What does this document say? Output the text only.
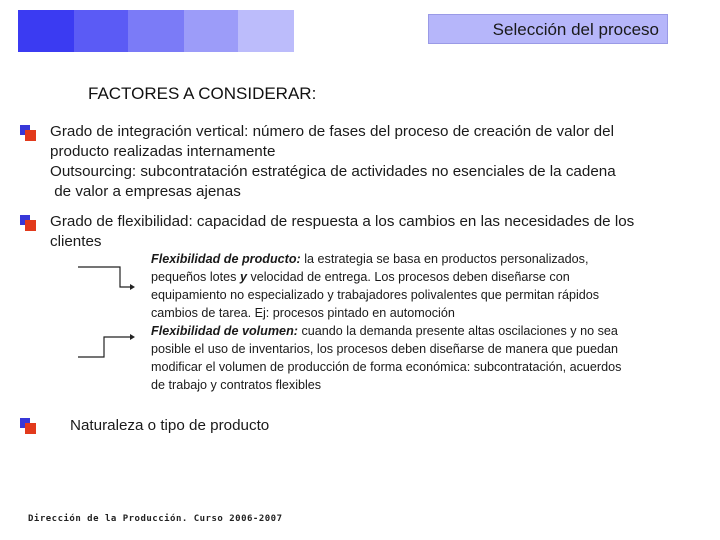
Selección del proceso
FACTORES A CONSIDERAR:
Grado de integración vertical: número de fases del proceso de creación de valor del
producto realizadas internamente
Outsourcing: subcontratación estratégica de actividades no esenciales de la cadena
de valor a empresas ajenas
Grado de flexibilidad: capacidad de respuesta a los cambios en las necesidades de los
clientes
Flexibilidad de producto: la estrategia se basa en productos personalizados,
pequeños lotes y velocidad de entrega. Los procesos deben diseñarse con
equipamiento no especializado y trabajadores polivalentes que permitan rápidos
cambios de tarea. Ej: procesos pintado en automoción
Flexibilidad de volumen: cuando la demanda presente altas oscilaciones y no sea
posible el uso de inventarios, los procesos deben diseñarse de manera que puedan
modificar el volumen de producción de forma económica: subcontratación, acuerdos
de trabajo y contratos flexibles
Naturaleza o tipo de producto
Dirección de la Producción. Curso 2006-2007
